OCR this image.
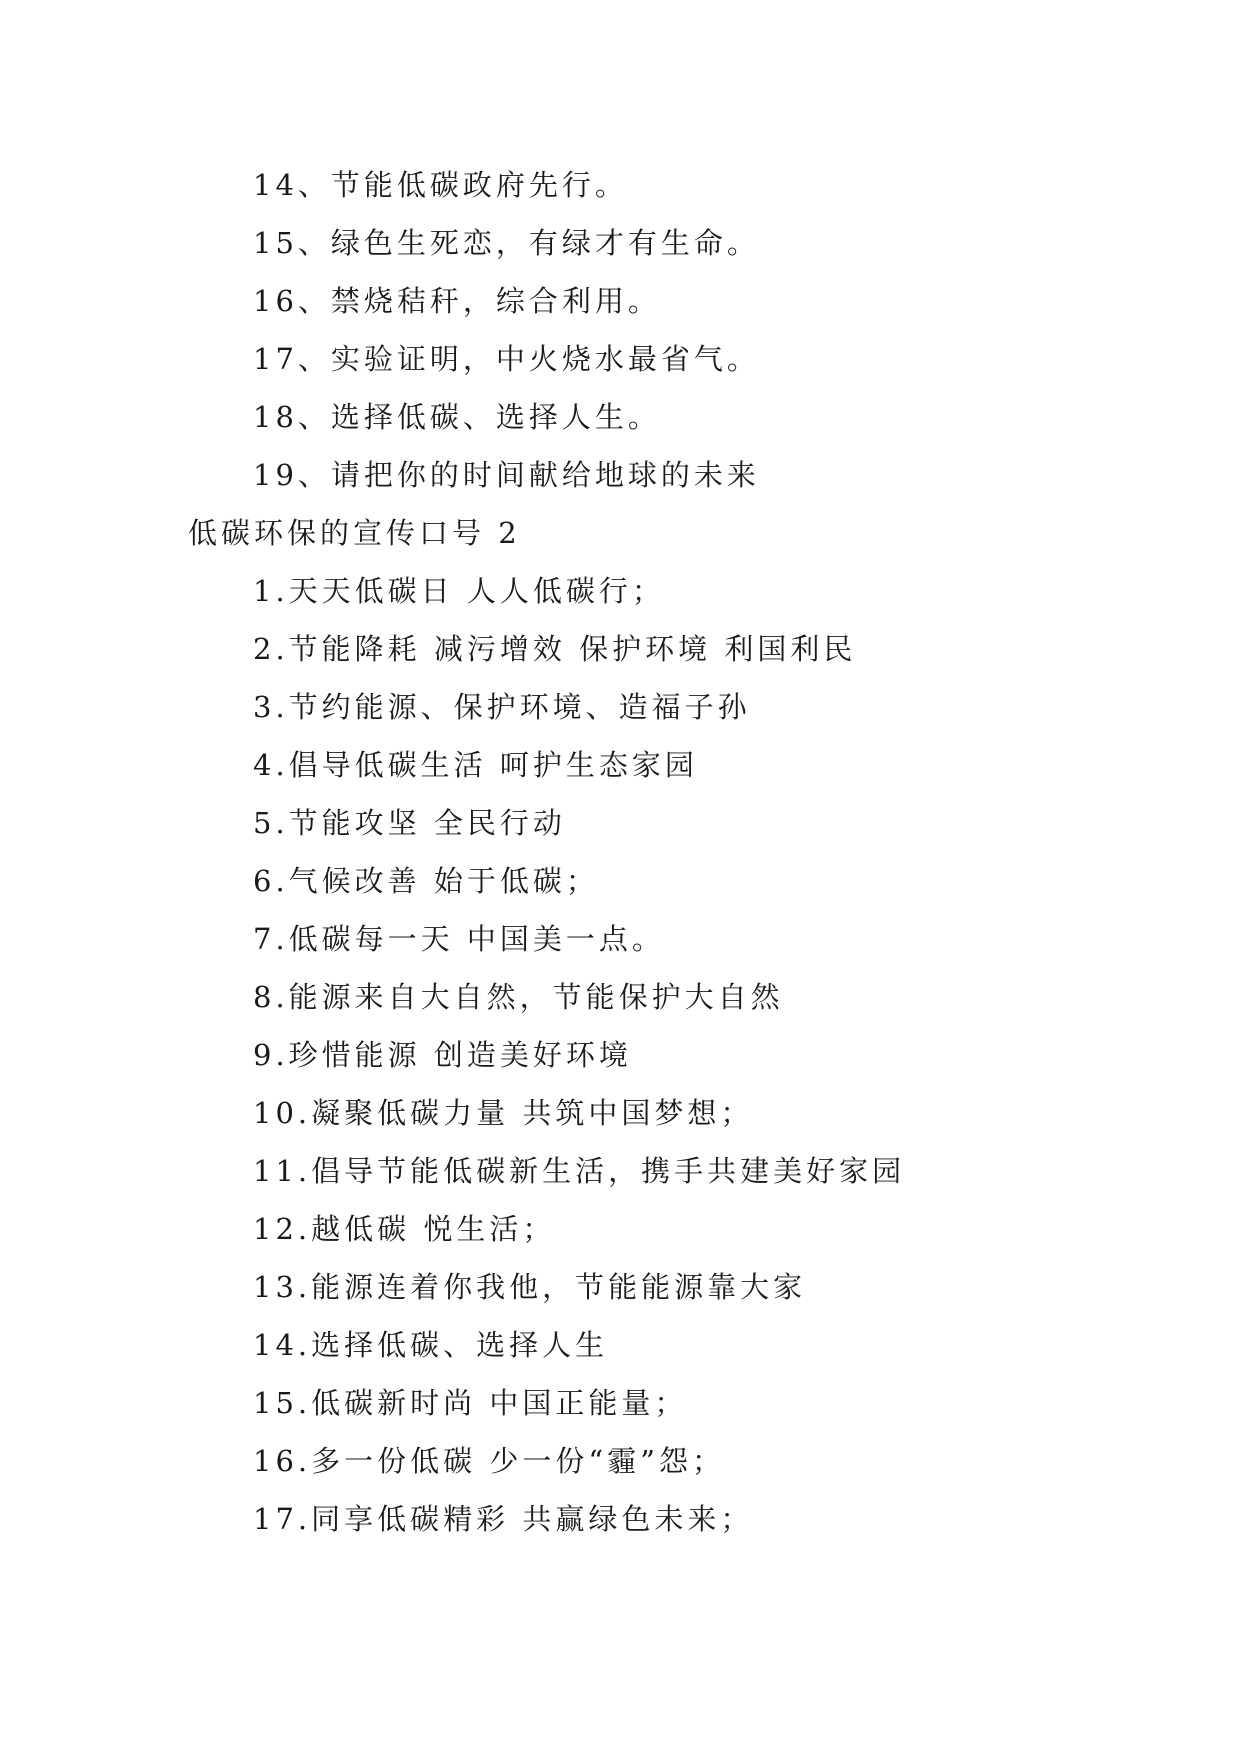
14、节能低碳政府先行。
15、绿色生死恋，有绿才有生命。
16、禁烧秸秆，综合利用。
17、实验证明，中火烧水最省气。
18、选择低碳、选择人生。
19、请把你的时间献给地球的未来
低碳环保的宣传口号 2
1.天天低碳日 人人低碳行；
2.节能降耗 减污增效 保护环境 利国利民
3.节约能源、保护环境、造福子孙
4.倡导低碳生活 呵护生态家园
5.节能攻坚 全民行动
6.气候改善 始于低碳；
7.低碳每一天 中国美一点。
8.能源来自大自然，节能保护大自然
9.珍惜能源 创造美好环境
10.凝聚低碳力量 共筑中国梦想；
11.倡导节能低碳新生活，携手共建美好家园
12.越低碳 悦生活；
13.能源连着你我他，节能能源靠大家
14.选择低碳、选择人生
15.低碳新时尚 中国正能量；
16.多一份低碳 少一份“霾”怨；
17.同享低碳精彩 共赢绿色未来；
